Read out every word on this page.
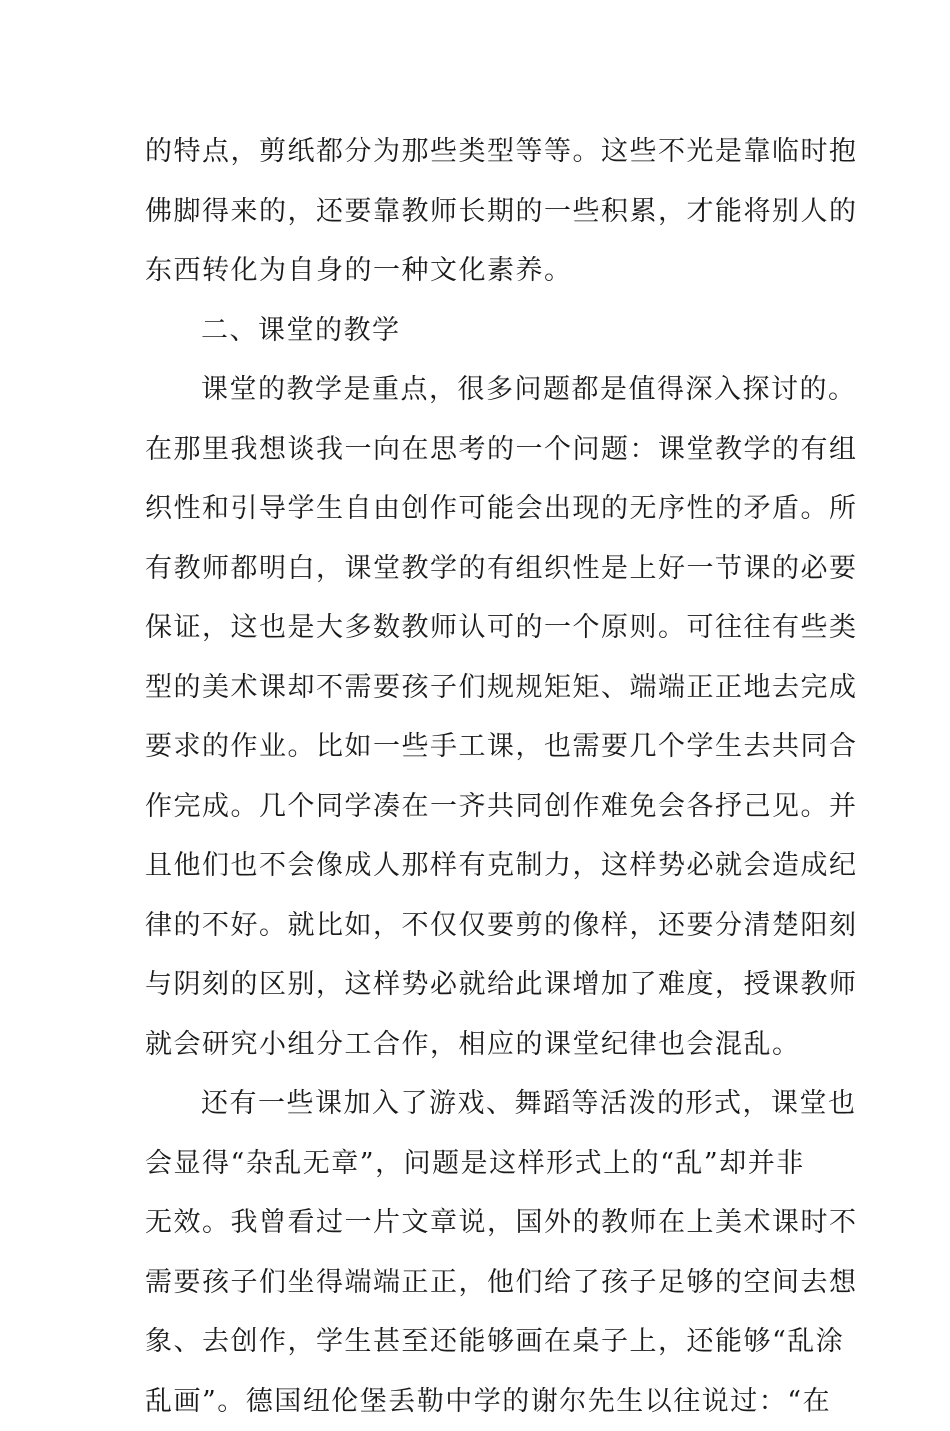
的特点，剪纸都分为那些类型等等。这些不光是靠临时抱
佛脚得来的，还要靠教师长期的一些积累，才能将别人的
东西转化为自身的一种文化素养。
二、课堂的教学
课堂的教学是重点，很多问题都是值得深入探讨的。
在那里我想谈我一向在思考的一个问题：课堂教学的有组
织性和引导学生自由创作可能会出现的无序性的矛盾。所
有教师都明白，课堂教学的有组织性是上好一节课的必要
保证，这也是大多数教师认可的一个原则。可往往有些类
型的美术课却不需要孩子们规规矩矩、端端正正地去完成
要求的作业。比如一些手工课，也需要几个学生去共同合
作完成。几个同学凑在一齐共同创作难免会各抒己见。并
且他们也不会像成人那样有克制力，这样势必就会造成纪
律的不好。就比如，不仅仅要剪的像样，还要分清楚阳刻
与阴刻的区别，这样势必就给此课增加了难度，授课教师
就会研究小组分工合作，相应的课堂纪律也会混乱。
还有一些课加入了游戏、舞蹈等活泼的形式，课堂也
会显得“杂乱无章”，问题是这样形式上的“乱”却并非
无效。我曾看过一片文章说，国外的教师在上美术课时不
需要孩子们坐得端端正正，他们给了孩子足够的空间去想
象、去创作，学生甚至还能够画在桌子上，还能够“乱涂
乱画”。德国纽伦堡丢勒中学的谢尔先生以往说过：“在
